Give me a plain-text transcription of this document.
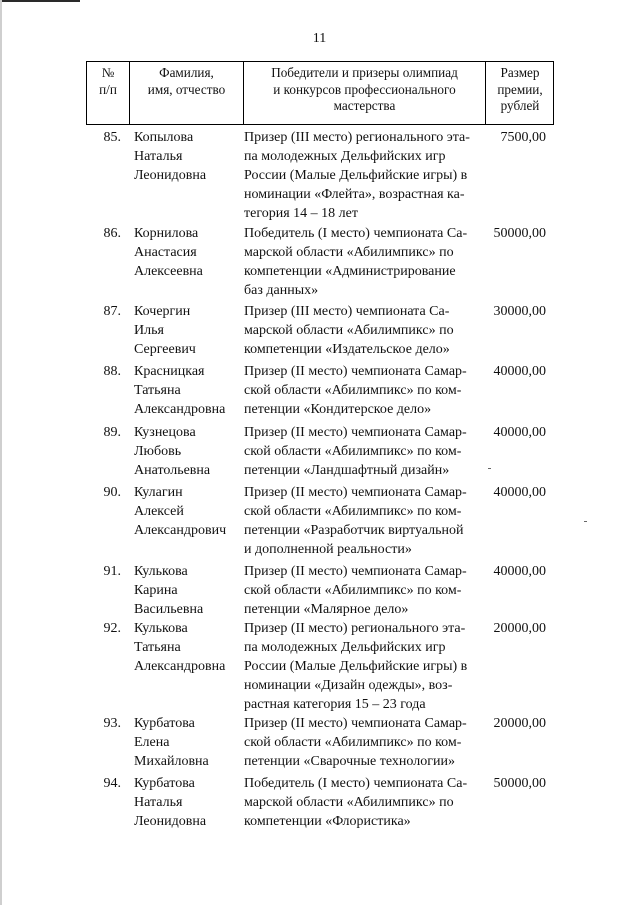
11
№
п/п
Фамилия,
имя, отчество
Победители и призеры олимпиад
и конкурсов профессионального
мастерства
Размер
премии,
рублей
85. Копылова
Наталья
Леонидовна
Призер (III место) регионального эта-
па молодежных Дельфийских игр
России (Малые Дельфийские игры) в
номинации «Флейта», возрастная ка-
тегория 14 – 18 лет
7500,00
86. Корнилова
Анастасия
Алексеевна
Победитель (I место) чемпионата Са-
марской области «Абилимпикс» по
компетенции «Администрирование
баз данных»
50000,00
87. Кочергин
Илья
Сергеевич
Призер (III место) чемпионата Са-
марской области «Абилимпикс» по
компетенции «Издательское дело»
30000,00
88. Красницкая
Татьяна
Александровна
Призер (II место) чемпионата Самар-
ской области «Абилимпикс» по ком-
петенции «Кондитерское дело»
40000,00
89. Кузнецова
Любовь
Анатольевна
Призер (II место) чемпионата Самар-
ской области «Абилимпикс» по ком-
петенции «Ландшафтный дизайн»
40000,00
90. Кулагин
Алексей
Александрович
Призер (II место) чемпионата Самар-
ской области «Абилимпикс» по ком-
петенции «Разработчик виртуальной
и дополненной реальности»
40000,00
91. Кулькова
Карина
Васильевна
Призер (II место) чемпионата Самар-
ской области «Абилимпикс» по ком-
петенции «Малярное дело»
40000,00
92. Кулькова
Татьяна
Александровна
Призер (II место) регионального эта-
па молодежных Дельфийских игр
России (Малые Дельфийские игры) в
номинации «Дизайн одежды», воз-
растная категория 15 – 23 года
20000,00
93. Курбатова
Елена
Михайловна
Призер (II место) чемпионата Самар-
ской области «Абилимпикс» по ком-
петенции «Сварочные технологии»
20000,00
94. Курбатова
Наталья
Леонидовна
Победитель (I место) чемпионата Са-
марской области «Абилимпикс» по
компетенции «Флористика»
50000,00
